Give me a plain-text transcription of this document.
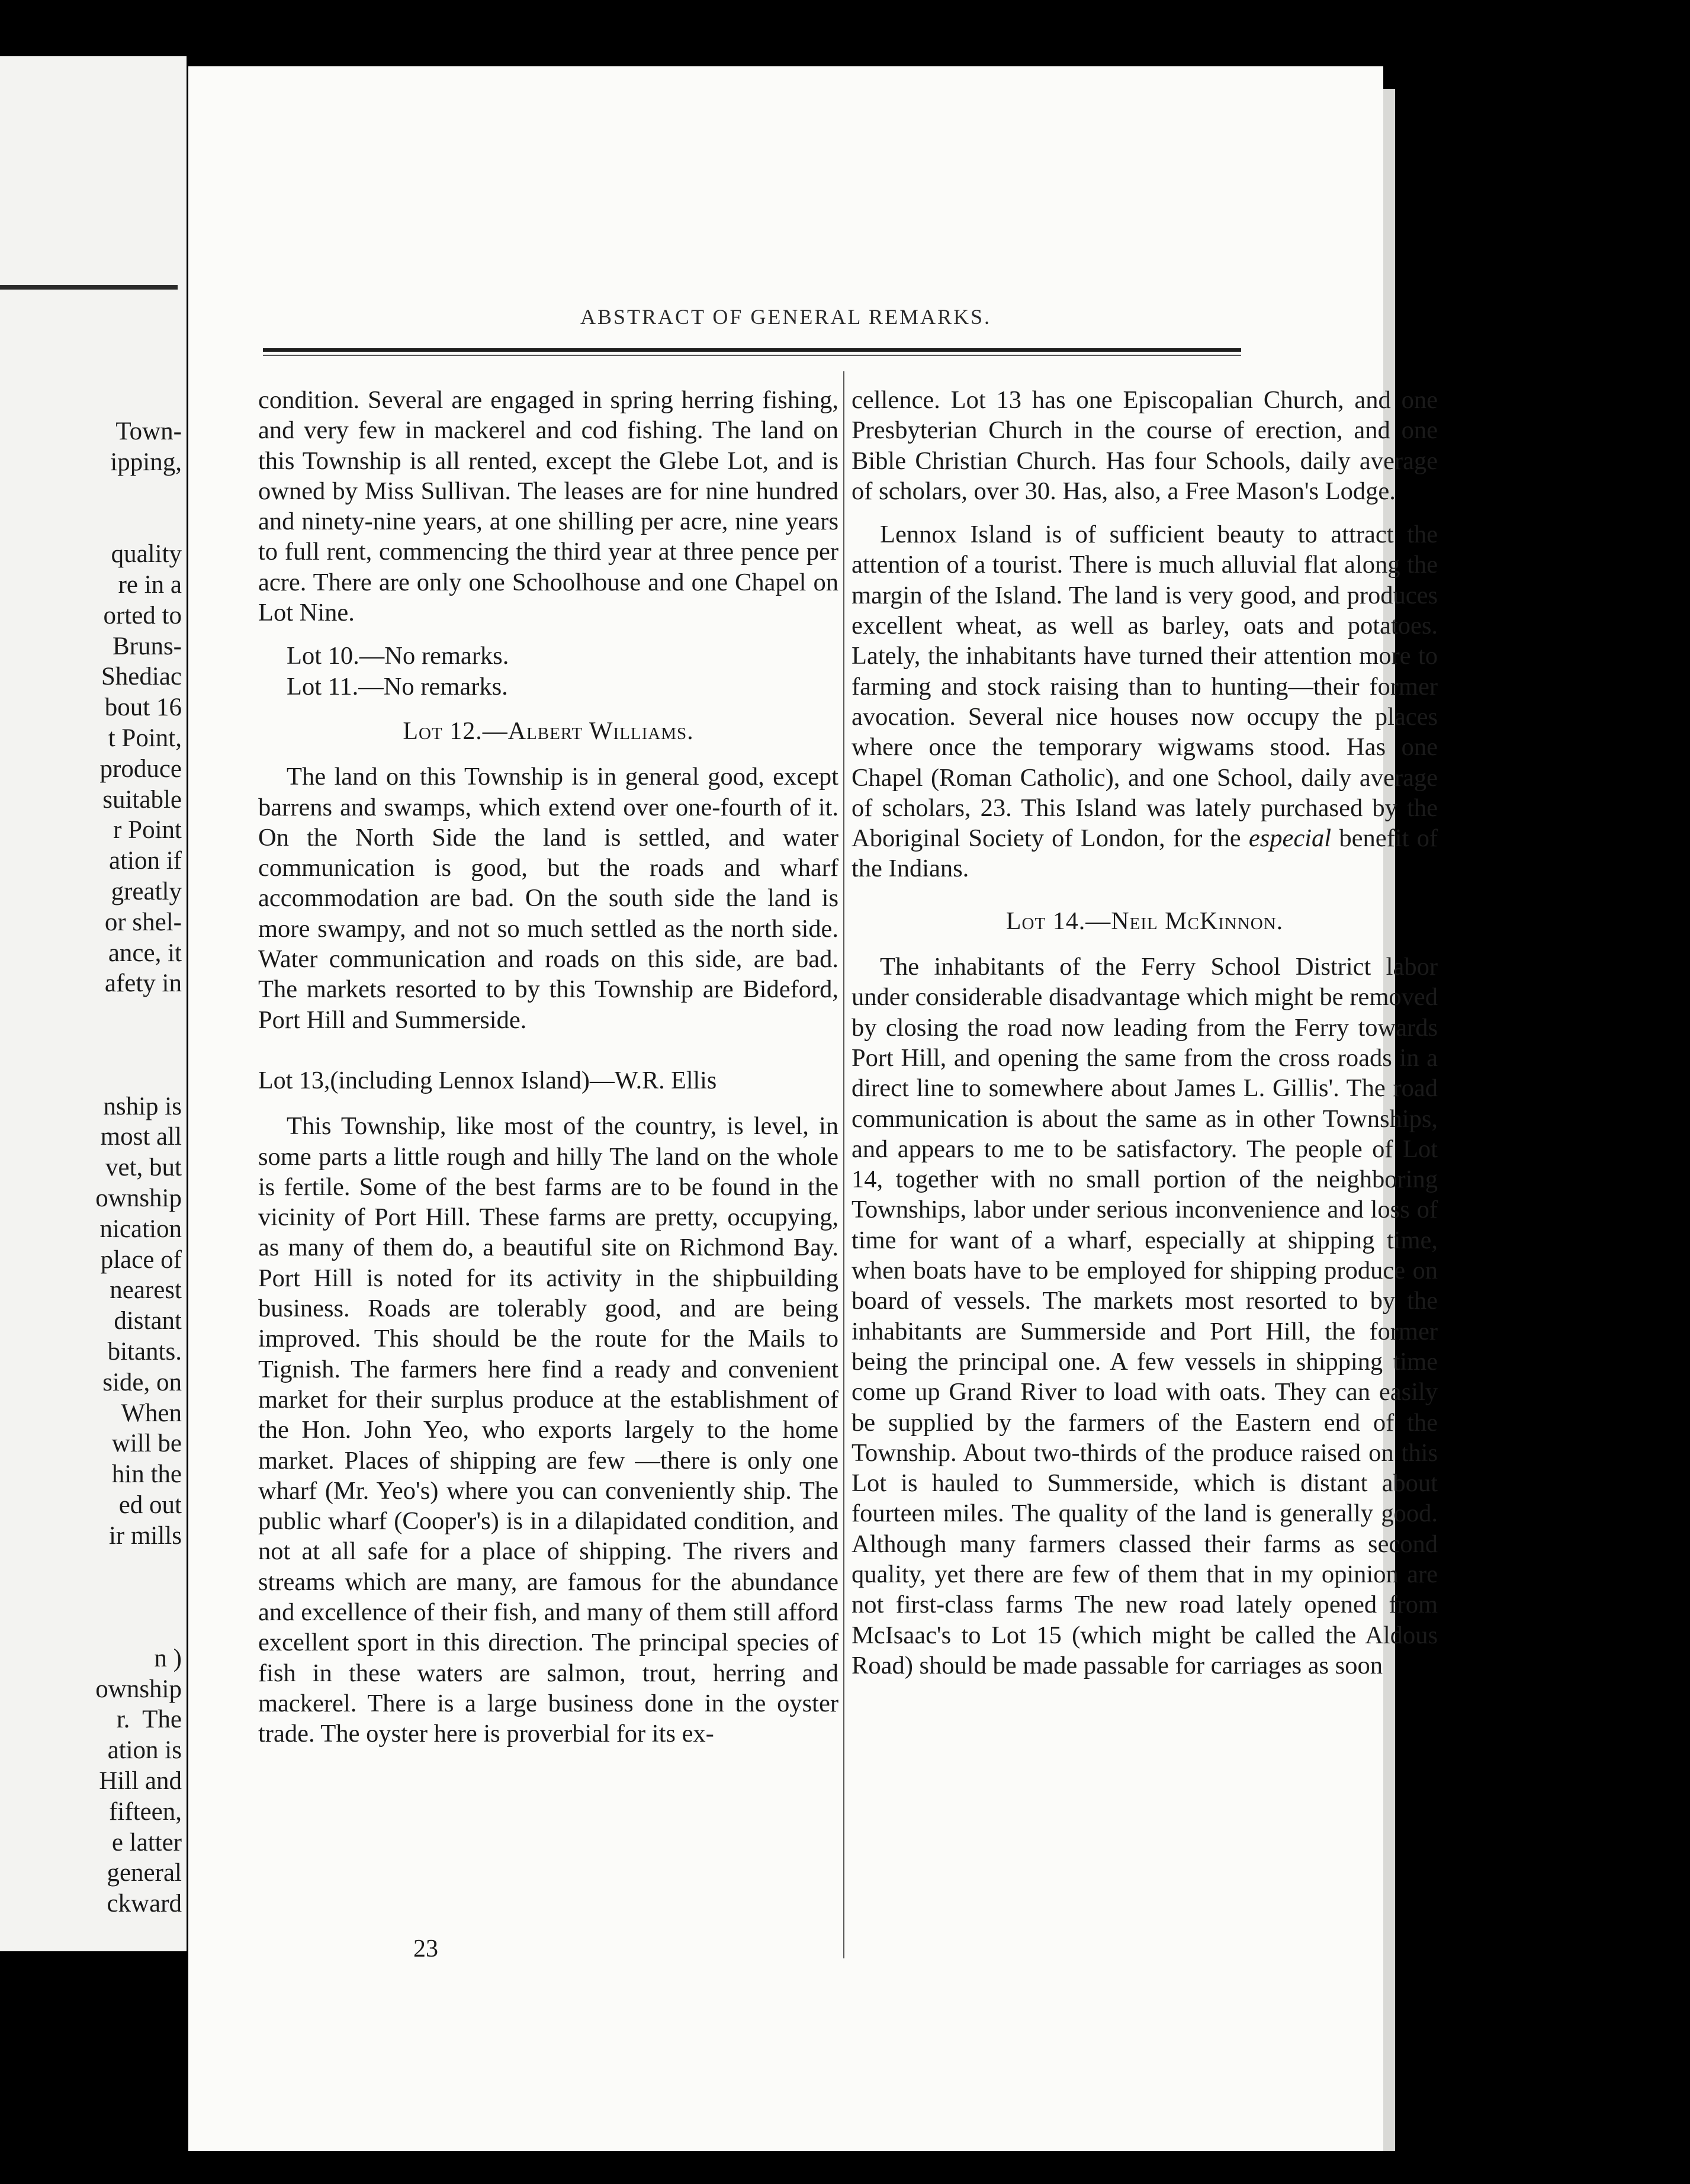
Town-
ipping,

quality
re in a
orted to
Bruns-
Shediac
bout 16
t Point,
produce
suitable
r Point
ation if
greatly
or shel-
ance, it
afety in

nship is
most all
vet, but
ownship
nication
place of
nearest
distant
bitants.
side, on
When
will be
hin the
ed out
ir mills

n )
ownship
r.  The
ation is
Hill and
fifteen,
e latter
general
ckward
ABSTRACT OF GENERAL REMARKS.

condition. Several are engaged in spring herring fishing, and very few in mackerel and cod fishing. The land on this Township is all rented, except the Glebe Lot, and is owned by Miss Sullivan. The leases are for nine hundred and ninety-nine years, at one shilling per acre, nine years to full rent, commencing the third year at three pence per acre. There are only one Schoolhouse and one Chapel on Lot Nine.

Lot 10.—No remarks.

Lot 11.—No remarks.

Lot 12.—Albert Williams.

The land on this Township is in general good, except barrens and swamps, which extend over one-fourth of it. On the North Side the land is settled, and water communication is good, but the roads and wharf accommodation are bad. On the south side the land is more swampy, and not so much settled as the north side. Water communication and roads on this side, are bad. The markets resorted to by this Township are Bideford, Port Hill and Summerside.

Lot 13,(including Lennox Island)—W.R. Ellis

This Township, like most of the country, is level, in some parts a little rough and hilly The land on the whole is fertile. Some of the best farms are to be found in the vicinity of Port Hill. These farms are pretty, occupying, as many of them do, a beautiful site on Richmond Bay. Port Hill is noted for its activity in the shipbuilding business. Roads are tolerably good, and are being improved. This should be the route for the Mails to Tignish. The farmers here find a ready and convenient market for their surplus produce at the establishment of the Hon. John Yeo, who exports largely to the home market. Places of shipping are few —there is only one wharf (Mr. Yeo's) where you can conveniently ship. The public wharf (Cooper's) is in a dilapidated condition, and not at all safe for a place of shipping. The rivers and streams which are many, are famous for the abundance and excellence of their fish, and many of them still afford excellent sport in this direction. The principal species of fish in these waters are salmon, trout, herring and mackerel. There is a large business done in the oyster trade. The oyster here is proverbial for its ex-

cellence. Lot 13 has one Episcopalian Church, and one Presbyterian Church in the course of erection, and one Bible Christian Church. Has four Schools, daily average of scholars, over 30. Has, also, a Free Mason's Lodge.

Lennox Island is of sufficient beauty to attract the attention of a tourist. There is much alluvial flat along the margin of the Island. The land is very good, and produces excellent wheat, as well as barley, oats and potatoes. Lately, the inhabitants have turned their attention more to farming and stock raising than to hunting—their former avocation. Several nice houses now occupy the places where once the temporary wigwams stood. Has one Chapel (Roman Catholic), and one School, daily average of scholars, 23. This Island was lately purchased by the Aboriginal Society of London, for the especial benefit of the Indians.

Lot 14.—Neil McKinnon.

The inhabitants of the Ferry School District labor under considerable disadvantage which might be removed by closing the road now leading from the Ferry towards Port Hill, and opening the same from the cross roads in a direct line to somewhere about James L. Gillis'. The road communication is about the same as in other Townships, and appears to me to be satisfactory. The people of Lot 14, together with no small portion of the neighboring Townships, labor under serious inconvenience and loss of time for want of a wharf, especially at shipping time, when boats have to be employed for shipping produce on board of vessels. The markets most resorted to by the inhabitants are Summerside and Port Hill, the former being the principal one. A few vessels in shipping time come up Grand River to load with oats. They can easily be supplied by the farmers of the Eastern end of the Township. About two-thirds of the produce raised on this Lot is hauled to Summerside, which is distant about fourteen miles. The quality of the land is generally good. Although many farmers classed their farms as second quality, yet there are few of them that in my opinion are not first-class farms The new road lately opened from McIsaac's to Lot 15 (which might be called the Aldous Road) should be made passable for carriages as soon

23
